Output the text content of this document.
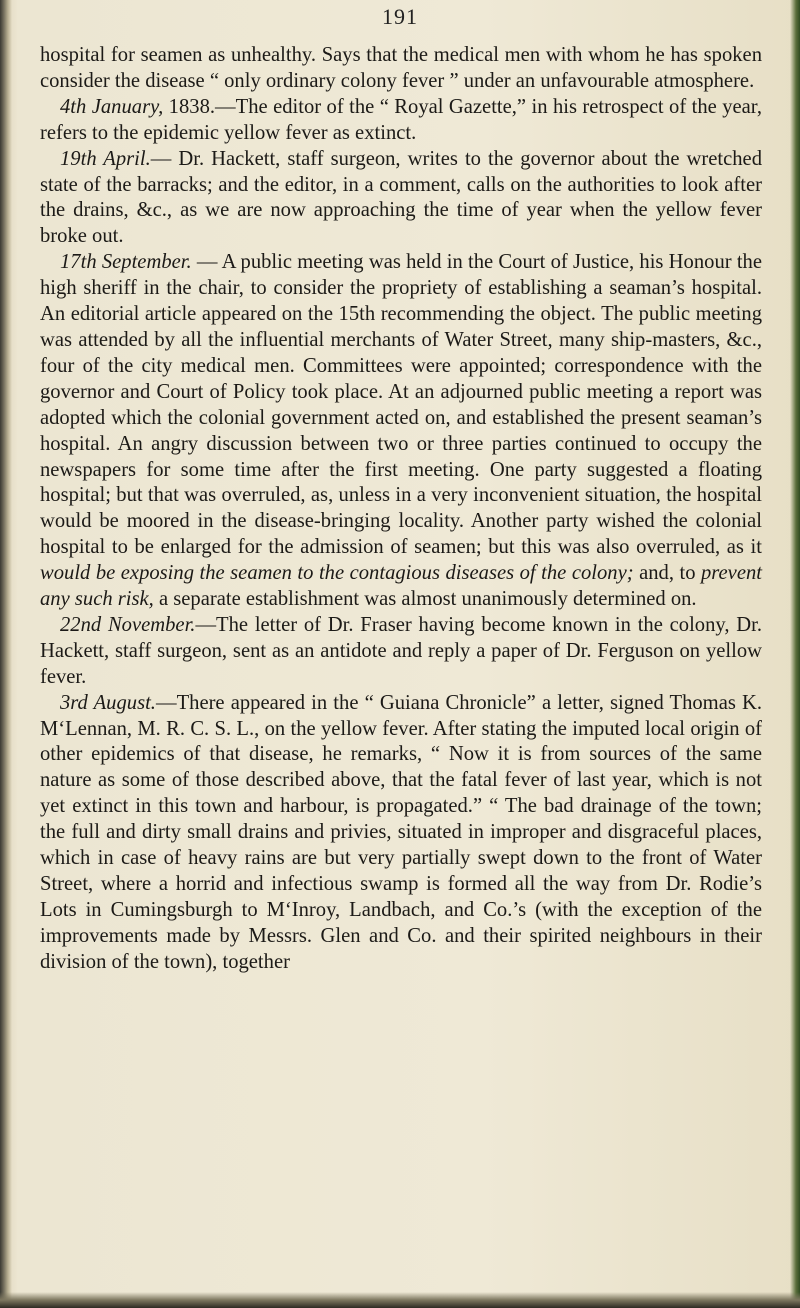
191

hospital for seamen as unhealthy. Says that the medical men with whom he has spoken consider the disease “ only ordinary colony fever ” under an unfavourable atmosphere.

4th January, 1838.—The editor of the “ Royal Gazette,” in his retrospect of the year, refers to the epidemic yellow fever as extinct.

19th April.— Dr. Hackett, staff surgeon, writes to the governor about the wretched state of the barracks; and the editor, in a comment, calls on the authorities to look after the drains, &c., as we are now approaching the time of year when the yellow fever broke out.

17th September. — A public meeting was held in the Court of Justice, his Honour the high sheriff in the chair, to consider the propriety of establishing a seaman’s hospital. An editorial article appeared on the 15th recommending the object. The public meeting was attended by all the influential merchants of Water Street, many ship-masters, &c., four of the city medical men. Committees were appointed; correspondence with the governor and Court of Policy took place. At an adjourned public meeting a report was adopted which the colonial government acted on, and established the present seaman’s hospital. An angry discussion between two or three parties continued to occupy the newspapers for some time after the first meeting. One party suggested a floating hospital; but that was overruled, as, unless in a very inconvenient situation, the hospital would be moored in the disease-bringing locality. Another party wished the colonial hospital to be enlarged for the admission of seamen; but this was also overruled, as it would be exposing the seamen to the contagious diseases of the colony; and, to prevent any such risk, a separate establishment was almost unanimously determined on.

22nd November.—The letter of Dr. Fraser having become known in the colony, Dr. Hackett, staff surgeon, sent as an antidote and reply a paper of Dr. Ferguson on yellow fever.

3rd August.—There appeared in the “ Guiana Chronicle” a letter, signed Thomas K. M‘Lennan, M. R. C. S. L., on the yellow fever. After stating the imputed local origin of other epidemics of that disease, he remarks, “ Now it is from sources of the same nature as some of those described above, that the fatal fever of last year, which is not yet extinct in this town and harbour, is propagated.” “ The bad drainage of the town; the full and dirty small drains and privies, situated in improper and disgraceful places, which in case of heavy rains are but very partially swept down to the front of Water Street, where a horrid and infectious swamp is formed all the way from Dr. Rodie’s Lots in Cumingsburgh to M‘Inroy, Landbach, and Co.’s (with the exception of the improvements made by Messrs. Glen and Co. and their spirited neighbours in their division of the town), together
